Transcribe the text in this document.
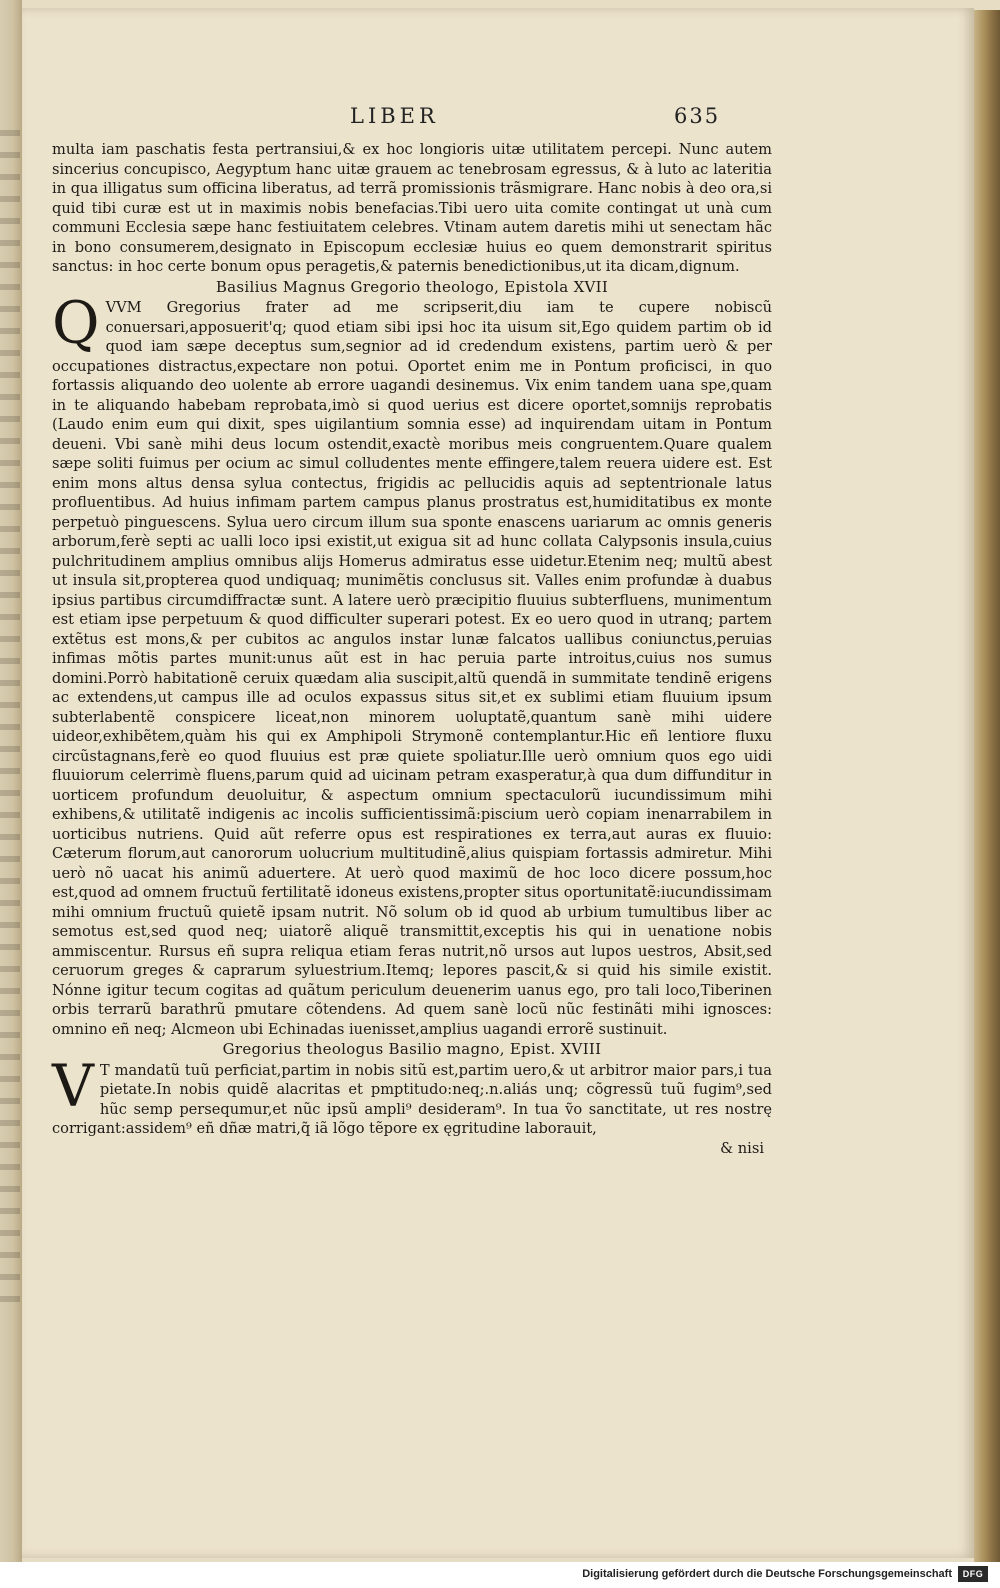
LIBER	635

multa iam paschatis festa pertransiui,& ex hoc longioris uitæ utilitatem percepi. Nunc autem sincerius concupisco, Aegyptum hanc uitæ grauem ac tenebrosam egressus, & à luto ac lateritia in qua illigatus sum officina liberatus, ad terrã promissionis trãsmigrare. Hanc nobis à deo ora,si quid tibi curæ est ut in maximis nobis benefacias.Tibi uero uita comite contingat ut unà cum communi Ecclesia sæpe hanc festiuitatem celebres. Vtinam autem daretis mihi ut senectam hãc in bono consumerem,designato in Episcopum ecclesiæ huius eo quem demonstrarit spiritus sanctus: in hoc certe bonum opus peragetis,& paternis benedictionibus,ut ita dicam,dignum.

Basilius Magnus Gregorio theologo, Epistola XVII
Q VVM Gregorius frater ad me scripserit,diu iam te cupere nobiscũ conuersari,apposuerit'q; quod etiam sibi ipsi hoc ita uisum sit,Ego quidem partim ob id quod iam sæpe deceptus sum,segnior ad id credendum existens, partim uerò & per occupationes distractus,expectare non potui. Oportet enim me in Pontum proficisci, in quo fortassis aliquando deo uolente ab errore uagandi desinemus. Vix enim tandem uana spe,quam in te aliquando habebam reprobata,imò si quod uerius est dicere oportet,somnijs reprobatis (Laudo enim eum qui dixit, spes uigilantium somnia esse) ad inquirendam uitam in Pontum deueni. Vbi sanè mihi deus locum ostendit,exactè moribus meis congruentem.Quare qualem sæpe soliti fuimus per ocium ac simul colludentes mente effingere,talem reuera uidere est. Est enim mons altus densa sylua contectus, frigidis ac pellucidis aquis ad septentrionale latus profluentibus. Ad huius infimam partem campus planus prostratus est,humiditatibus ex monte perpetuò pinguescens. Sylua uero circum illum sua sponte enascens uariarum ac omnis generis arborum,ferè septi ac ualli loco ipsi existit,ut exigua sit ad hunc collata Calypsonis insula,cuius pulchritudinem amplius omnibus alijs Homerus admiratus esse uidetur.Etenim neq; multũ abest ut insula sit,propterea quod undiquaq; munimẽtis conclusus sit. Valles enim profundæ à duabus ipsius partibus circumdiffractæ sunt. A latere uerò præcipitio fluuius subterfluens, munimentum est etiam ipse perpetuum & quod difficulter superari potest. Ex eo uero quod in utranq; partem extẽtus est mons,& per cubitos ac angulos instar lunæ falcatos uallibus coniunctus,peruias infimas mõtis partes munit:unus aũt est in hac peruia parte introitus,cuius nos sumus domini.Porrò habitationẽ ceruix quædam alia suscipit,altũ quendã in summitate tendinẽ erigens ac extendens,ut campus ille ad oculos expassus situs sit,et ex sublimi etiam fluuium ipsum subterlabentẽ conspicere liceat,non minorem uoluptatẽ,quantum sanè mihi uidere uideor,exhibẽtem,quàm his qui ex Amphipoli Strymonẽ contemplantur.Hic eñ lentiore fluxu circũstagnans,ferè eo quod fluuius est præ quiete spoliatur.Ille uerò omnium quos ego uidi fluuiorum celerrimè fluens,parum quid ad uicinam petram exasperatur,à qua dum diffunditur in uorticem profundum deuoluitur, & aspectum omnium spectaculorũ iucundissimum mihi exhibens,& utilitatẽ indigenis ac incolis sufficientissimã:piscium uerò copiam inenarrabilem in uorticibus nutriens. Quid aũt referre opus est respirationes ex terra,aut auras ex fluuio: Cæterum florum,aut canororum uolucrium multitudinẽ,alius quispiam fortassis admiretur. Mihi uerò nõ uacat his animũ aduertere. At uerò quod maximũ de hoc loco dicere possum,hoc est,quod ad omnem fructuũ fertilitatẽ idoneus existens,propter situs oportunitatẽ:iucundissimam mihi omnium fructuũ quietẽ ipsam nutrit. Nõ solum ob id quod ab urbium tumultibus liber ac semotus est,sed quod neq; uiatorẽ aliquẽ transmittit,exceptis his qui in uenatione nobis ammiscentur. Rursus eñ supra reliqua etiam feras nutrit,nõ ursos aut lupos uestros, Absit,sed ceruorum greges & caprarum syluestrium.Itemq; lepores pascit,& si quid his simile existit. Nónne igitur tecum cogitas ad quãtum periculum deuenerim uanus ego, pro tali loco,Tiberinen orbis terrarũ barathrũ pmutare cõtendens. Ad quem sanè locũ nũc festinãti mihi ignosces: omnino eñ neq; Alcmeon ubi Echinadas iuenisset,amplius uagandi errorẽ sustinuit.

Gregorius theologus Basilio magno, Epist. XVIII
V T mandatũ tuũ perficiat,partim in nobis sitũ est,partim uero,& ut arbitror maior pars,i tua pietate.In nobis quidẽ alacritas et pmptitudo:neq;.n.aliás unq; cõgressũ tuũ fugim⁹,sed hũc semp persequmur,et nũc ipsũ ampli⁹ desideram⁹. In tua ṽo sanctitate, ut res nostrę corrigant:assidem⁹ eñ dñæ matri,q̃ iã lõgo tẽpore ex ęgritudine laborauit,

& nisi
Digitalisierung gefördert durch die Deutsche Forschungsgemeinschaft	DFG
